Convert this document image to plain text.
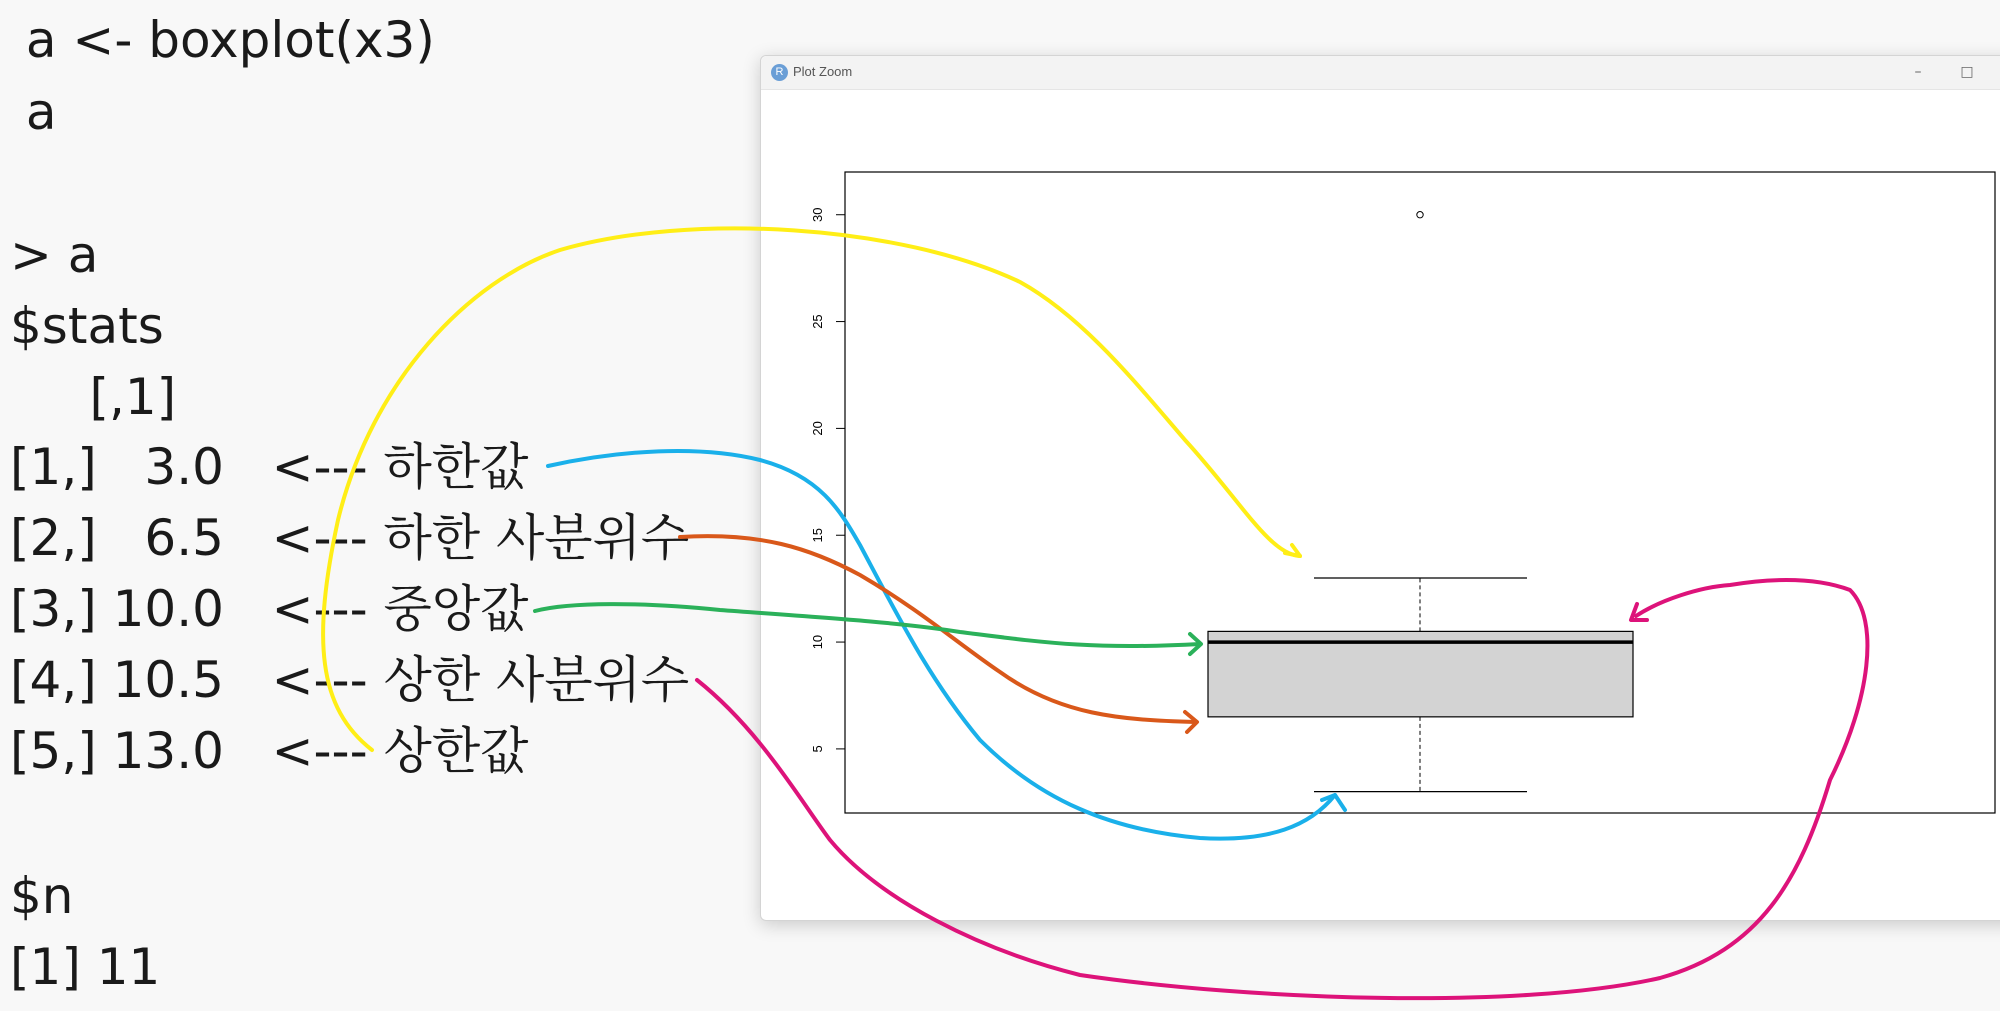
a <- boxplot(x3)
a
> a
$stats
[,1]
[1,]   3.0   <--- 하한값
[2,]   6.5   <--- 하한 사분위수
[3,] 10.0   <--- 중앙값
[4,] 10.5   <--- 상한 사분위수
[5,] 13.0   <--- 상한값
$n
[1] 11
R Plot Zoom	–	□
5
10
15
20
25
30
